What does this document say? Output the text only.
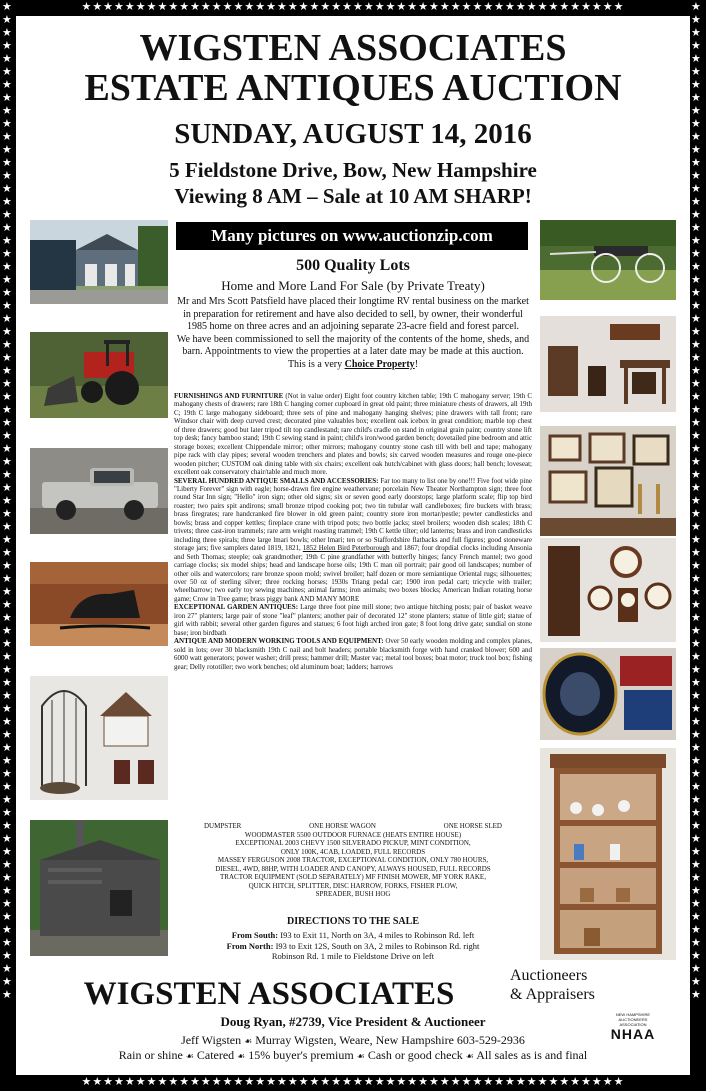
★★★★★★★★★★★★★★★★★★★★★★★★★★★★★★★★★★★★★★★★★★★★★★★★★★
★★★★★★★★★★★★★★★★★★★★★★★★★★★★★★★★★★★★★★★★★★★★★★★★★★
★★★★★★★★★★★★★★★★★★★★★★★★★★★★★★★★★★★★★★★★★★★★★★★★★★★★★★★★★★★★★★★★★★★★★★★★★★★★★
★★★★★★★★★★★★★★★★★★★★★★★★★★★★★★★★★★★★★★★★★★★★★★★★★★★★★★★★★★★★★★★★★★★★★★★★★★★★★
WIGSTEN ASSOCIATES
ESTATE ANTIQUES AUCTION
SUNDAY, AUGUST 14, 2016
5 Fieldstone Drive, Bow, New Hampshire
Viewing 8 AM – Sale at 10 AM SHARP!
Many pictures on www.auctionzip.com
500 Quality Lots
Home and More Land For Sale (by Private Treaty)
Mr and Mrs Scott Patsfield have placed their longtime RV rental business on the market in preparation for retirement and have also decided to sell, by owner, their wonderful 1985 home on three acres and an adjoining separate 23-acre field and forest parcel.
We have been commissioned to sell the majority of the contents of the home, sheds, and barn. Appointments to view the properties at a later date may be made at this auction. This is a very Choice Property!
FURNISHINGS AND FURNITURE (Not in value order) Eight foot country kitchen table; 19th C mahogany server; 19th C mahogany chests of drawers; rare 18th C hanging corner cupboard in great old paint; three miniature chests of drawers, all 19th C; 19th C large mahogany sideboard; three sets of pine and mahogany hanging shelves; pine drawers with tall front; rare Windsor chair with deep curved crest; decorated pine valuables box; excellent oak icebox in great condition; marble top chest of three drawers; good but later tripod tilt top candlestand; rare child's cradle on stand in original grain paint; country stone lift top desk; fancy bamboo stand; 19th C sewing stand in paint; child's iron/wood garden bench; dovetailed pine bedroom and attic storage boxes; excellent Chippendale mirror; other mirrors; mahogany country stone cash till with bell and tape; mahogany pipe rack with clay pipes; several wooden trenchers and plates and bowls; six carved wooden measures and rouge one-piece wooden pitcher; CUSTOM oak dining table with six chairs; excellent oak hutch/cabinet with glass doors; hall bench; loveseat; excellent oak conservatory chair/table and much more.
SEVERAL HUNDRED ANTIQUE SMALLS AND ACCESSORIES: Far too many to list one by one!!! Five foot wide pine "Liberty Forever" sign with eagle; horse-drawn fire engine weathervane; porcelain New Theater Northampton sign; three foot round Star Inn sign; "Hello" iron sign; other old signs; six or seven good early doorstops; large platform scale; flip top bird roaster; two pairs spit andirons; small bronze tripod cooking pot; two tin tubular wall candleboxes; fire buckets with brass; brass firegrates; rare handcranked fire blower in old green paint; country store iron mortar/pestle; pewter candlesticks and bowls; brass and copper kettles; fireplace crane with tripod pots; two bottle jacks; steel broilers; wooden dish scales; 18th C trivets; three cast-iron trammels; rare arm weight roasting trammel; 19th C kettle tilter; old lanterns; brass and iron candlesticks including three spirals; three large lmari bowls; other lmari; ten or so Staffordshire flatbacks and full figures; good stoneware storage jars; five samplers dated 1819, 1821, 1852 Helen Bird Peterborough and 1867; four dropdial clocks including Ansonia and Seth Thomas; steeple; oak grandmother; 19th C pine grandfather with butterfly hinges; fancy French mantel; two good carriage clocks; six model ships; head and landscape horse oils; 19th C man oil portrait; pair good oil landscapes; number of other oils and watercolors; rare bronze spoon mold; swivel broiler; half dozen or more semiantique Oriental rugs; silhouettes; over 50 oz of sterling silver; three rocking horses; 1930s Triang pedal car; 1900 iron pedal cart; tricycle with trailer; wheelbarrow; two early toy sewing machines; animal farms; iron animals; two boxes blocks; American Indian rotating horse game; Crow in Tree game; brass piggy bank AND MANY MORE
EXCEPTIONAL GARDEN ANTIQUES: Large three foot pine mill stone; two antique hitching posts; pair of basket weave iron 27" planters; large pair of stone "leaf" planters; another pair of decorated 12" stone planters; statue of little girl; statue of girl with rabbit; several other garden figures and statues; 6 foot high arched iron gate; 8 foot long drive gate; sundial on stone base; iron birdbath
ANTIQUE AND MODERN WORKING TOOLS AND EQUIPMENT: Over 50 early wooden molding and complex planes, sold in lots; over 30 blacksmith 19th C nail and bolt headers; portable blacksmith forge with hand cranked blower; 600 and 6000 watt generators; power washer; drill press; hammer drill; Master vac; metal tool boxes; boat motor; truck tool box; fishing gear; Delly rototiller; two work benches; old aluminum boat; ladders; harrows
DUMPSTER	ONE HORSE WAGON	ONE HORSE SLED
WOODMASTER 5500 OUTDOOR FURNACE (HEATS ENTIRE HOUSE)
EXCEPTIONAL 2003 CHEVY 1500 SILVERADO PICKUP, MINT CONDITION,
ONLY 100K, 4CAB, LOADED, FULL RECORDS
MASSEY FERGUSON 2008 TRACTOR, EXCEPTIONAL CONDITION, ONLY 780 HOURS,
DIESEL, 4WD, 88HP, WITH LOADER AND CANOPY, ALWAYS HOUSED, FULL RECORDS
TRACTOR EQUIPMENT (SOLD SEPARATELY) MF FINISH MOWER, MF YORK RAKE,
QUICK HITCH, SPLITTER, DISC HARROW, FORKS, FISHER PLOW,
SPREADER, BUSH HOG
DIRECTIONS TO THE SALE
From South: I93 to Exit 11, North on 3A, 4 miles to Robinson Rd. left
From North: I93 to Exit 12S, South on 3A, 2 miles to Robinson Rd. right
Robinson Rd. 1 mile to Fieldstone Drive on left
WIGSTEN ASSOCIATES
Auctioneers
& Appraisers
Doug Ryan, #2739, Vice President & Auctioneer	NEW HAMPSHIRE AUCTIONEERS ASSOCIATION
NHAA
Jeff Wigsten ☙ Murray Wigsten, Weare, New Hampshire 603-529-2936
Rain or shine ☙ Catered ☙ 15% buyer's premium ☙ Cash or good check ☙ All sales as is and final
